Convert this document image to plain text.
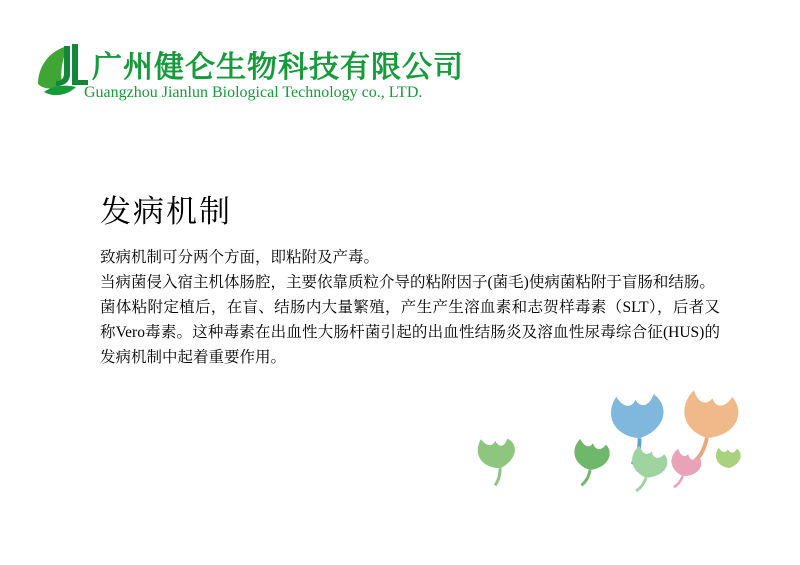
广州健仑生物科技有限公司
Guangzhou Jianlun Biological Technology co., LTD.
发病机制

致病机制可分两个方面，即粘附及产毒。

当病菌侵入宿主机体肠腔，主要依靠质粒介导的粘附因子(菌毛)使病菌粘附于盲肠和结肠。

菌体粘附定植后，在盲、结肠内大量繁殖，产生产生溶血素和志贺样毒素（SLT），后者又称Vero毒素。这种毒素在出血性大肠杆菌引起的出血性结肠炎及溶血性尿毒综合征(HUS)的发病机制中起着重要作用。
